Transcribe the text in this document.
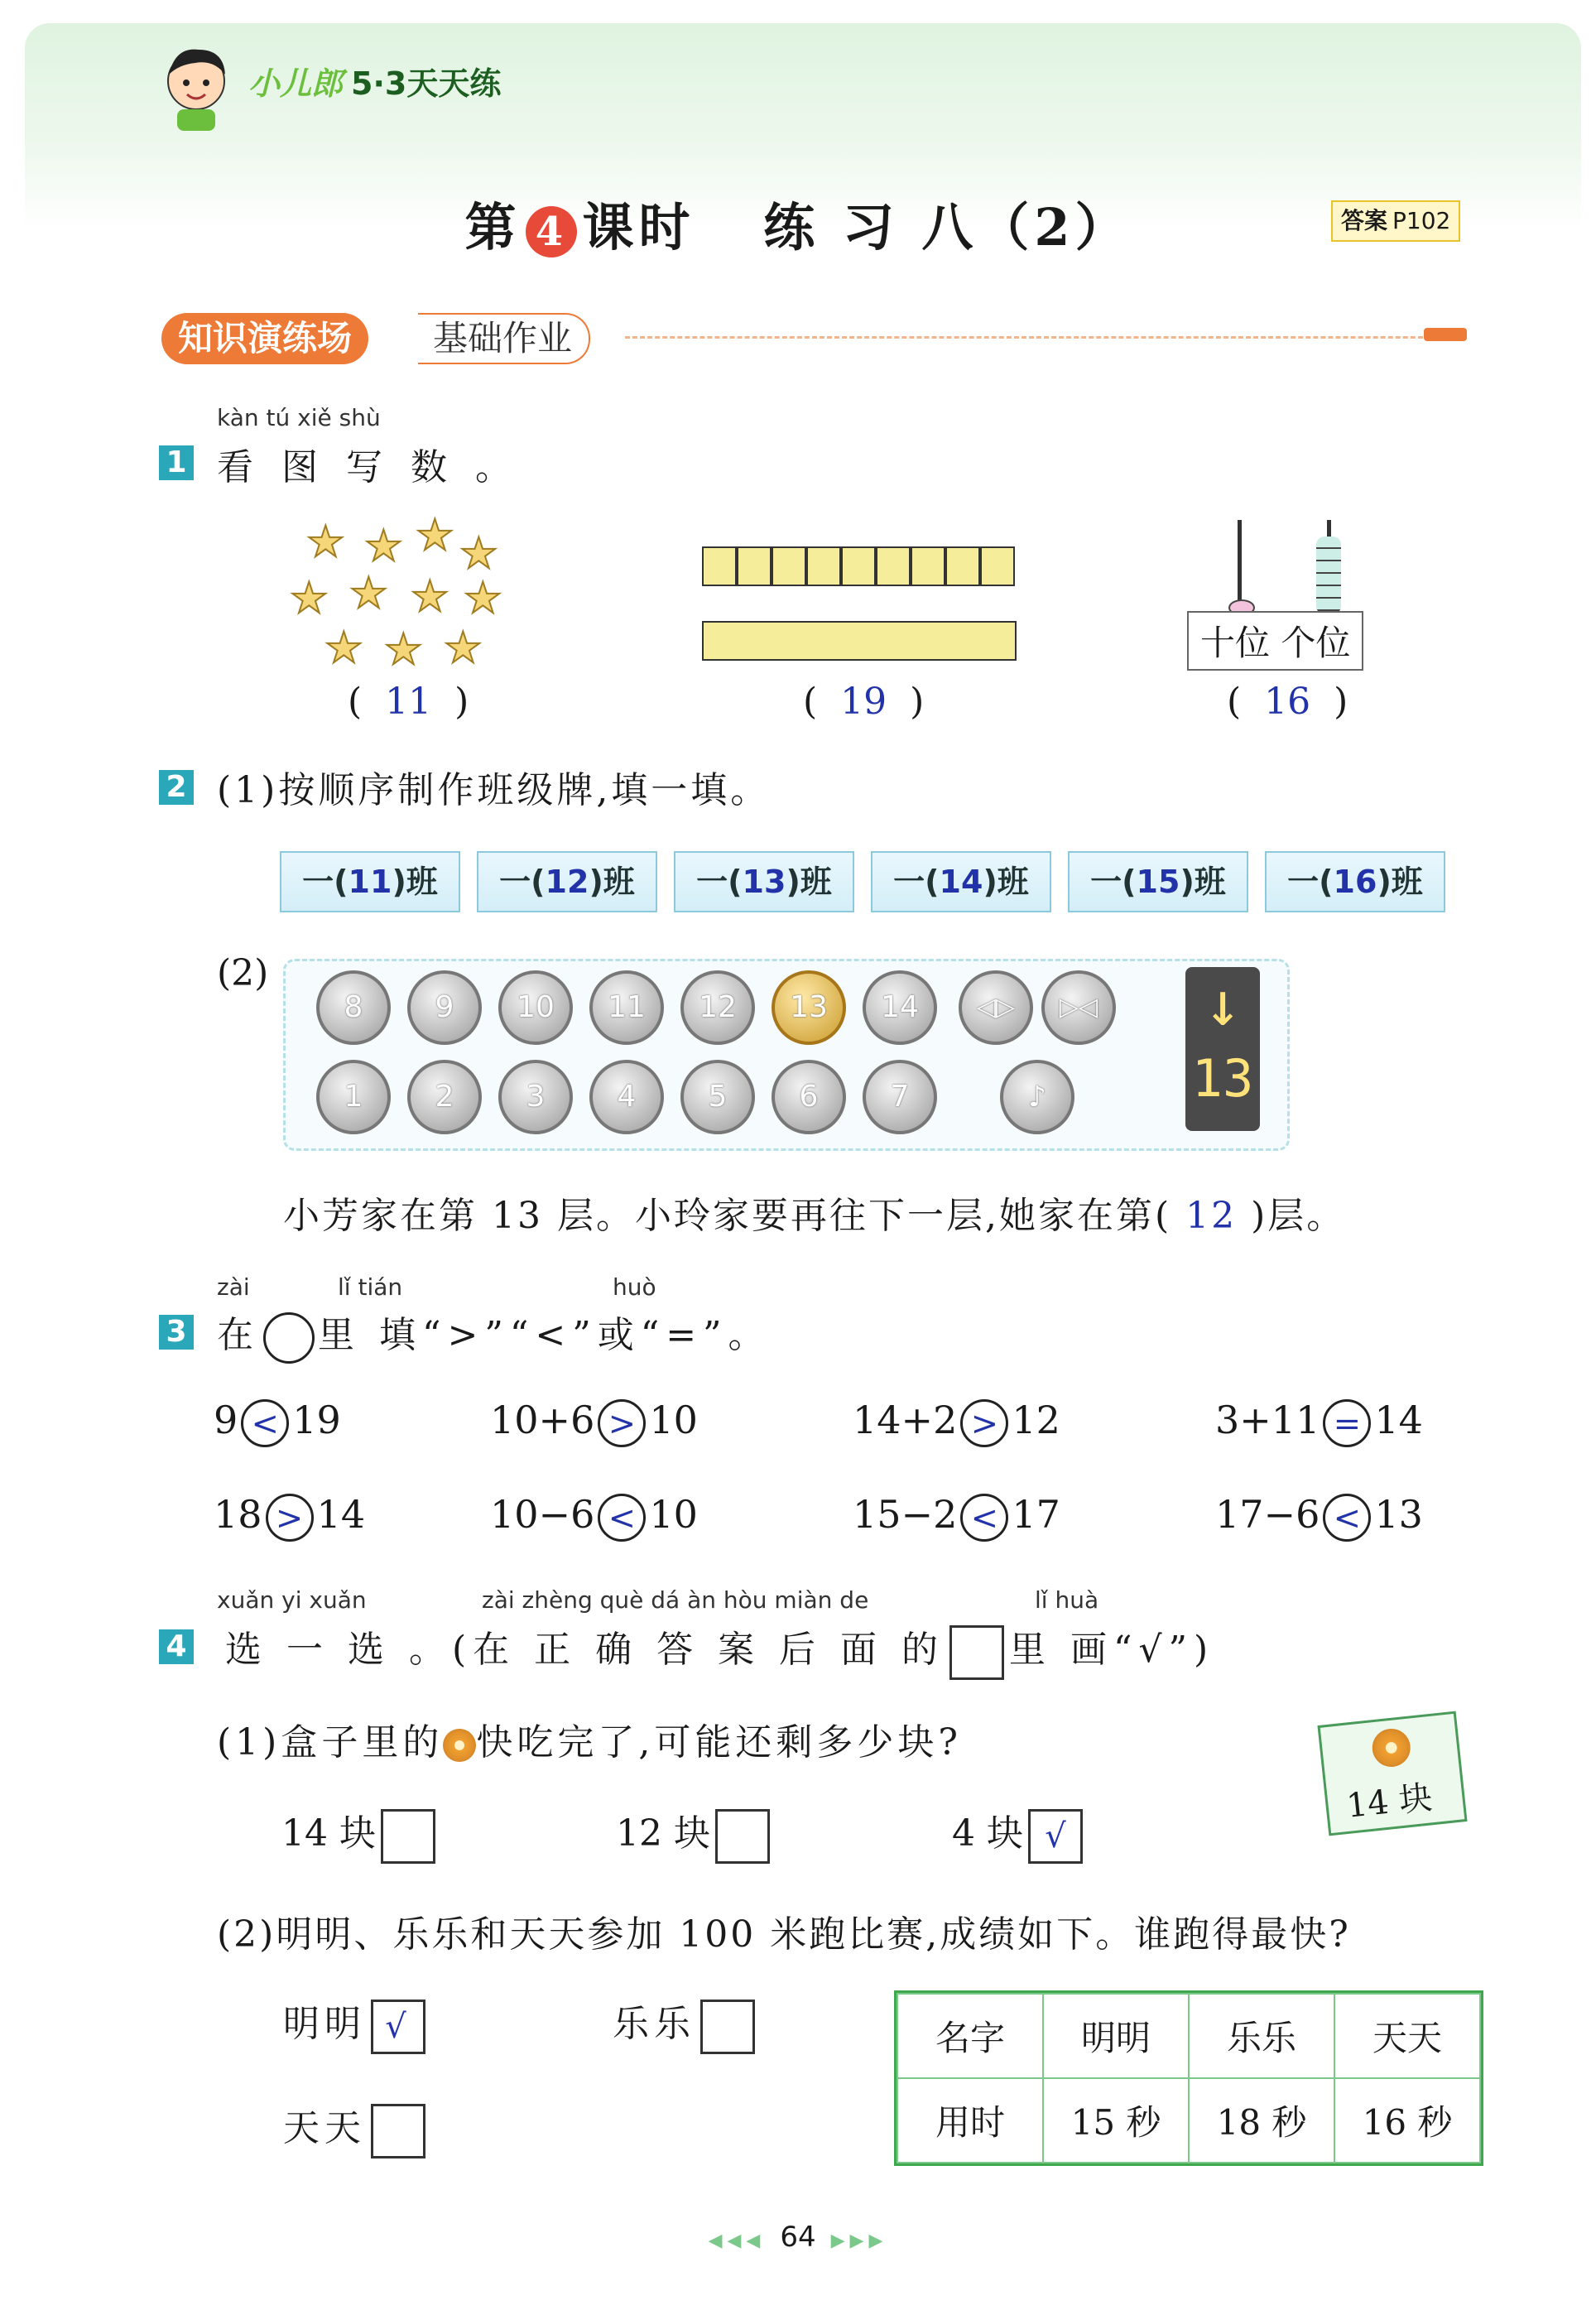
小儿郎 5·3天天练
第 4 课时 练 习 八（2）	答案 P102
知识演练场	基础作业
kàn tú xiě shù
1 看 图 写 数 。
★ ★ ★ ★
★ ★ ★ ★
★ ★ ★
(  11  )	(  19  )
十位 个位
(  16  )
2 (1)按顺序制作班级牌,填一填。
一(11)班	一(12)班	一(13)班	一(14)班	一(15)班	一(16)班
(2)
8	9	10	11	12	13	14
1	2	3	4	5	6	7
◁▷	▷◁
♪
↓
13
小芳家在第 13 层。小玲家要再往下一层,她家在第( 12 )层。
zài	lǐ tián	huò
3 在 里 填“>”“<”或“=”。
9 < 19	10+6 > 10	14+2 > 12	3+11 = 14
18 > 14	10−6 < 10	15−2 < 17	17−6 < 13
xuǎn yi xuǎn	zài zhèng què dá àn hòu miàn de	lǐ huà
4 选 一 选 。(在 正 确 答 案 后 面 的 里 画“√”)
(1)盒子里的 快吃完了,可能还剩多少块?
14 块	12 块	4 块 √
14 块
(2)明明、乐乐和天天参加 100 米跑比赛,成绩如下。谁跑得最快?
明明 √	乐乐
天天
名字	明明	乐乐	天天
用时	15 秒	18 秒	16 秒
◀◀◀ 64 ▶▶▶
